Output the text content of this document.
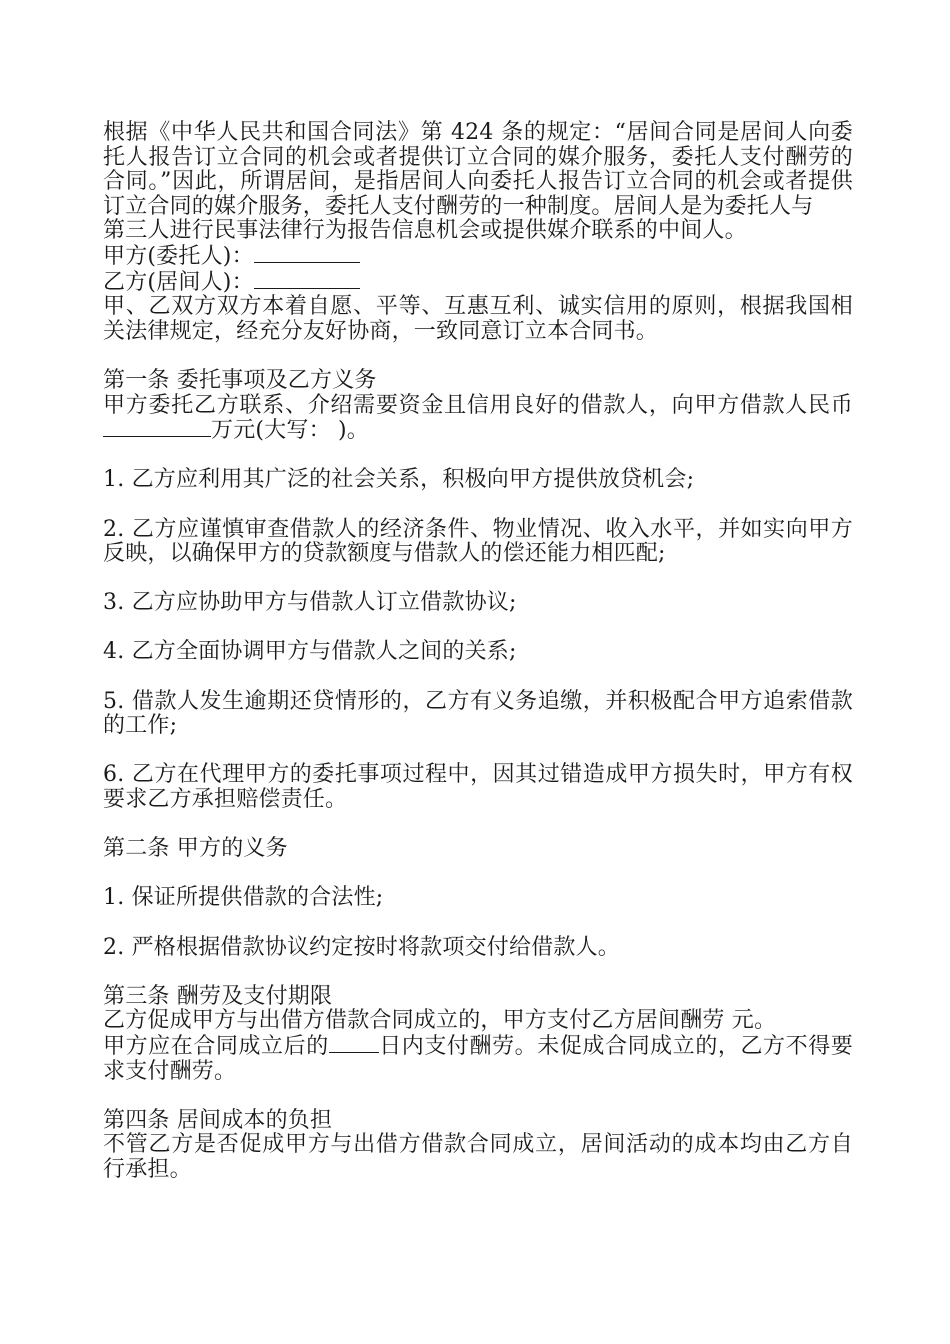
根据《中华人民共和国合同法》第 424 条的规定：“居间合同是居间人向委托人报告订立合同的机会或者提供订立合同的媒介服务，委托人支付酬劳的合同。”因此，所谓居间，是指居间人向委托人报告订立合同的机会或者提供订立合同的媒介服务，委托人支付酬劳的一种制度。居间人是为委托人与

第三人进行民事法律行为报告信息机会或提供媒介联系的中间人。

甲方(委托人)：

乙方(居间人)：

甲、乙双方双方本着自愿、平等、互惠互利、诚实信用的原则，根据我国相关法律规定，经充分友好协商，一致同意订立本合同书。

第一条 委托事项及乙方义务

甲方委托乙方联系、介绍需要资金且信用良好的借款人，向甲方借款人民币 万元(大写： )。

1. 乙方应利用其广泛的社会关系，积极向甲方提供放贷机会;

2. 乙方应谨慎审查借款人的经济条件、物业情况、收入水平，并如实向甲方反映，以确保甲方的贷款额度与借款人的偿还能力相匹配;

3. 乙方应协助甲方与借款人订立借款协议;

4. 乙方全面协调甲方与借款人之间的关系;

5. 借款人发生逾期还贷情形的，乙方有义务追缴，并积极配合甲方追索借款的工作;

6. 乙方在代理甲方的委托事项过程中，因其过错造成甲方损失时，甲方有权要求乙方承担赔偿责任。

第二条 甲方的义务

1. 保证所提供借款的合法性;

2. 严格根据借款协议约定按时将款项交付给借款人。

第三条 酬劳及支付期限

乙方促成甲方与出借方借款合同成立的，甲方支付乙方居间酬劳 元。

甲方应在合同成立后的 日内支付酬劳。未促成合同成立的，乙方不得要求支付酬劳。

第四条 居间成本的负担

不管乙方是否促成甲方与出借方借款合同成立，居间活动的成本均由乙方自行承担。
